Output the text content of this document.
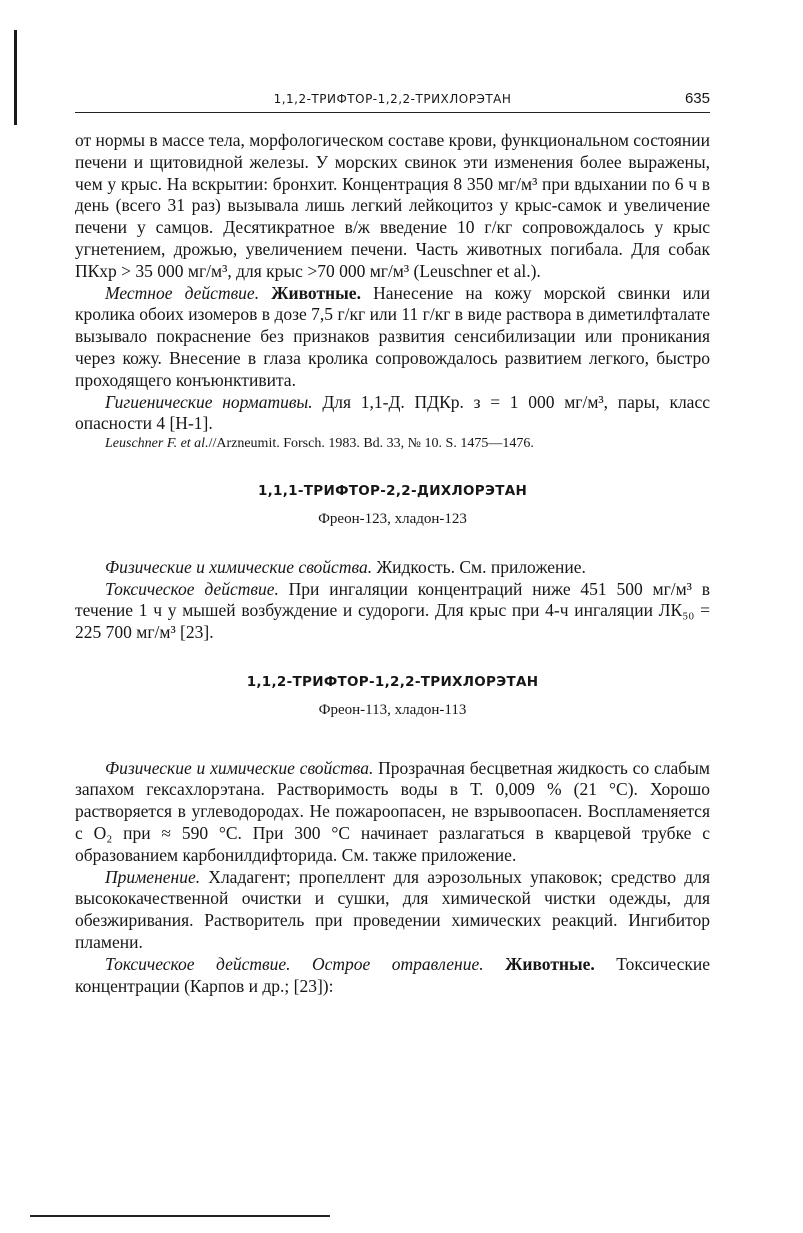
1,1,2-ТРИФТОР-1,2,2-ТРИХЛОРЭТАН	635

от нормы в массе тела, морфологическом составе крови, функциональном состоянии печени и щитовидной железы. У морских свинок эти изменения более выражены, чем у крыс. На вскрытии: бронхит. Концентрация 8 350 мг/м³ при вдыхании по 6 ч в день (всего 31 раз) вызывала лишь легкий лейкоцитоз у крыс-самок и увеличение печени у самцов. Десятикратное в/ж введение 10 г/кг сопровождалось у крыс угнетением, дрожью, увеличением печени. Часть животных погибала. Для собак ПКхр > 35 000 мг/м³, для крыс >70 000 мг/м³ (Leuschner et al.).

Местное действие. Животные. Нанесение на кожу морской свинки или кролика обоих изомеров в дозе 7,5 г/кг или 11 г/кг в виде раствора в диметилфталате вызывало покраснение без признаков развития сенсибилизации или проникания через кожу. Внесение в глаза кролика сопровождалось развитием легкого, быстро проходящего конъюнктивита.

Гигиенические нормативы. Для 1,1-Д. ПДКр. з = 1 000 мг/м³, пары, класс опасности 4 [Н-1].

Leuschner F. et al.//Arzneumit. Forsch. 1983. Bd. 33, № 10. S. 1475—1476.

1,1,1-ТРИФТОР-2,2-ДИХЛОРЭТАН
Фреон-123, хладон-123

Физические и химические свойства. Жидкость. См. приложение.

Токсическое действие. При ингаляции концентраций ниже 451 500 мг/м³ в течение 1 ч у мышей возбуждение и судороги. Для крыс при 4-ч ингаляции ЛК₅₀ = 225 700 мг/м³ [23].

1,1,2-ТРИФТОР-1,2,2-ТРИХЛОРЭТАН
Фреон-113, хладон-113

Физические и химические свойства. Прозрачная бесцветная жидкость со слабым запахом гексахлорэтана. Растворимость воды в Т. 0,009 % (21 °С). Хорошо растворяется в углеводородах. Не пожароопасен, не взрывоопасен. Воспламеняется с O₂ при ≈ 590 °С. При 300 °С начинает разлагаться в кварцевой трубке с образованием карбонилдифторида. См. также приложение.

Применение. Хладагент; пропеллент для аэрозольных упаковок; средство для высококачественной очистки и сушки, для химической чистки одежды, для обезжиривания. Растворитель при проведении химических реакций. Ингибитор пламени.

Токсическое действие. Острое отравление. Животные. Токсические концентрации (Карпов и др.; [23]):
